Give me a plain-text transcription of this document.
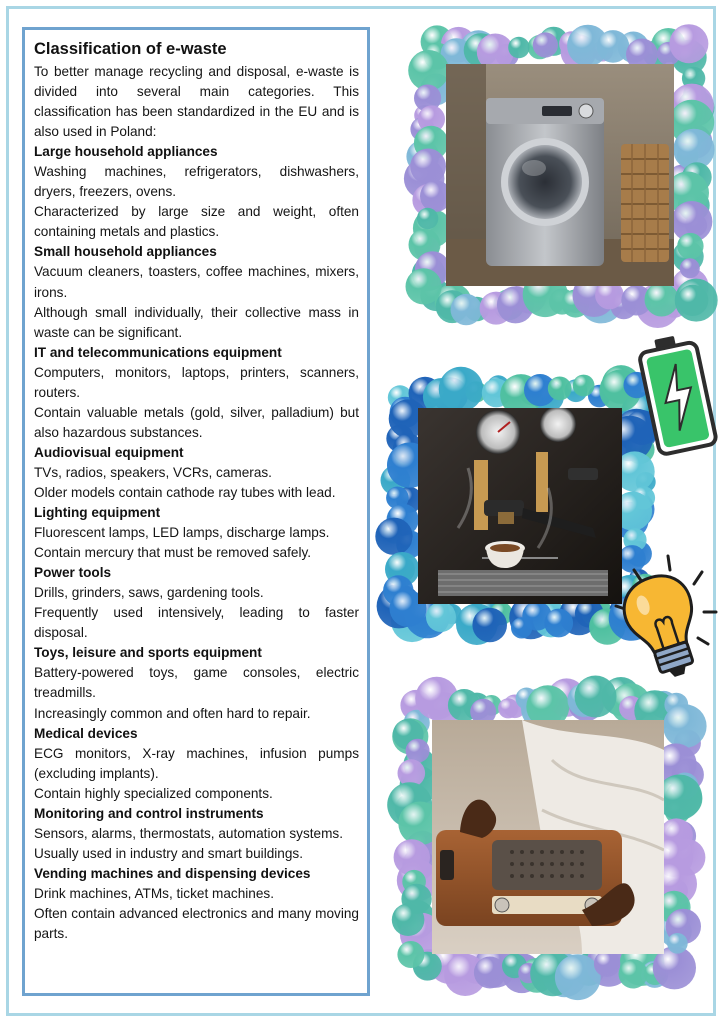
Classification of e-waste

To better manage recycling and disposal, e-waste is divided into several main categories. This classification has been standardized in the EU and is also used in Poland:

Large household appliances

Washing machines, refrigerators, dishwashers, dryers, freezers, ovens.

Characterized by large size and weight, often containing metals and plastics.

Small household appliances

Vacuum cleaners, toasters, coffee machines, mixers, irons.

Although small individually, their collective mass in waste can be significant.

IT and telecommunications equipment

Computers, monitors, laptops, printers, scanners, routers.

Contain valuable metals (gold, silver, palladium) but also hazardous substances.

Audiovisual equipment

TVs, radios, speakers, VCRs, cameras.

Older models contain cathode ray tubes with lead.

Lighting equipment

Fluorescent lamps, LED lamps, discharge lamps.

Contain mercury that must be removed safely.

Power tools

Drills, grinders, saws, gardening tools.

Frequently used intensively, leading to faster disposal.

Toys, leisure and sports equipment

Battery-powered toys, game consoles, electric treadmills.

Increasingly common and often hard to repair.

Medical devices

ECG monitors, X-ray machines, infusion pumps (excluding implants).

Contain highly specialized components.

Monitoring and control instruments

Sensors, alarms, thermostats, automation systems.

Usually used in industry and smart buildings.

Vending machines and dispensing devices

Drink machines, ATMs, ticket machines.

Often contain advanced electronics and many moving parts.
